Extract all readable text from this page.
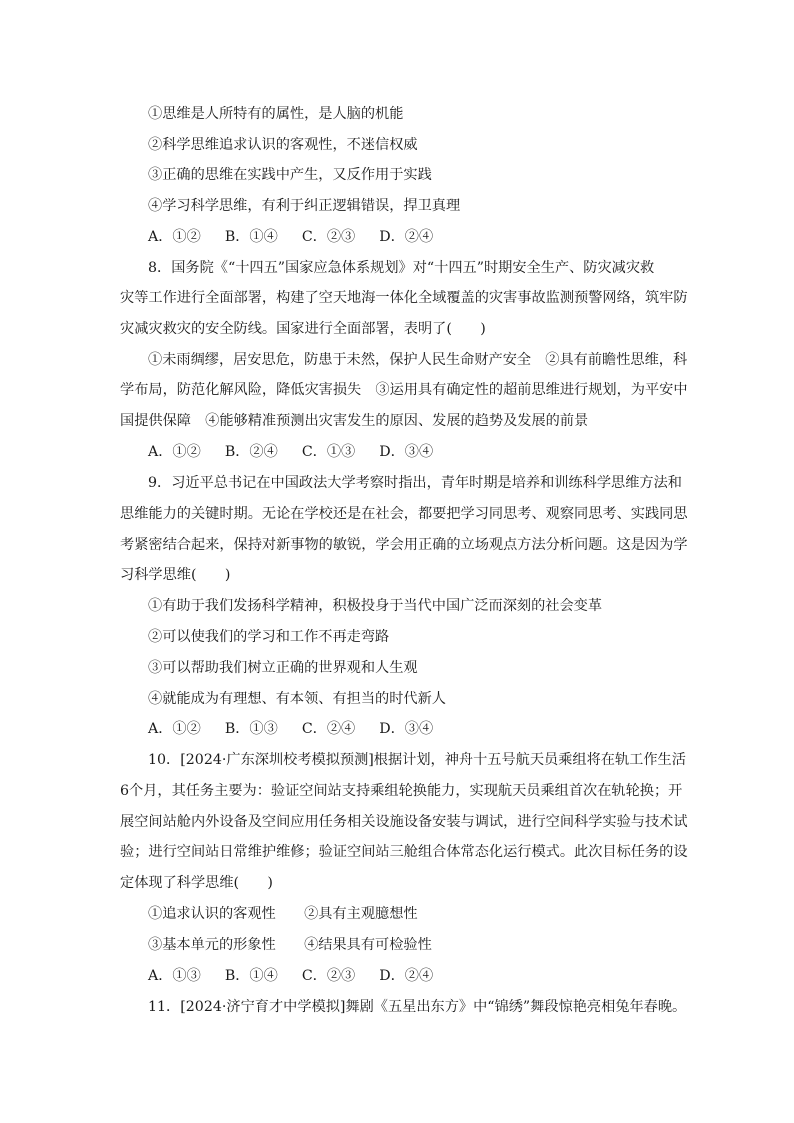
①思维是人所特有的属性，是人脑的机能
②科学思维追求认识的客观性，不迷信权威
③正确的思维在实践中产生，又反作用于实践
④学习科学思维，有利于纠正逻辑错误，捍卫真理
A．①② B．①④ C．②③ D．②④
8．国务院《“十四五”国家应急体系规划》对“十四五”时期安全生产、防灾减灾救
灾等工作进行全面部署，构建了空天地海一体化全域覆盖的灾害事故监测预警网络，筑牢防
灾减灾救灾的安全防线。国家进行全面部署，表明了(　　)
①未雨绸缪，居安思危，防患于未然，保护人民生命财产安全　②具有前瞻性思维，科
学布局，防范化解风险，降低灾害损失　③运用具有确定性的超前思维进行规划，为平安中
国提供保障　④能够精准预测出灾害发生的原因、发展的趋势及发展的前景
A．①② B．②④ C．①③ D．③④
9．习近平总书记在中国政法大学考察时指出，青年时期是培养和训练科学思维方法和
思维能力的关键时期。无论在学校还是在社会，都要把学习同思考、观察同思考、实践同思
考紧密结合起来，保持对新事物的敏锐，学会用正确的立场观点方法分析问题。这是因为学
习科学思维(　　)
①有助于我们发扬科学精神，积极投身于当代中国广泛而深刻的社会变革
②可以使我们的学习和工作不再走弯路
③可以帮助我们树立正确的世界观和人生观
④就能成为有理想、有本领、有担当的时代新人
A．①② B．①③ C．②④ D．③④
10．[2024·广东深圳校考模拟预测]根据计划，神舟十五号航天员乘组将在轨工作生活
6个月，其任务主要为：验证空间站支持乘组轮换能力，实现航天员乘组首次在轨轮换；开
展空间站舱内外设备及空间应用任务相关设施设备安装与调试，进行空间科学实验与技术试
验；进行空间站日常维护维修；验证空间站三舱组合体常态化运行模式。此次目标任务的设
定体现了科学思维(　　)
①追求认识的客观性　　②具有主观臆想性
③基本单元的形象性　　④结果具有可检验性
A．①③ B．①④ C．②③ D．②④
11．[2024·济宁育才中学模拟]舞剧《五星出东方》中“锦绣”舞段惊艳亮相兔年春晚。
